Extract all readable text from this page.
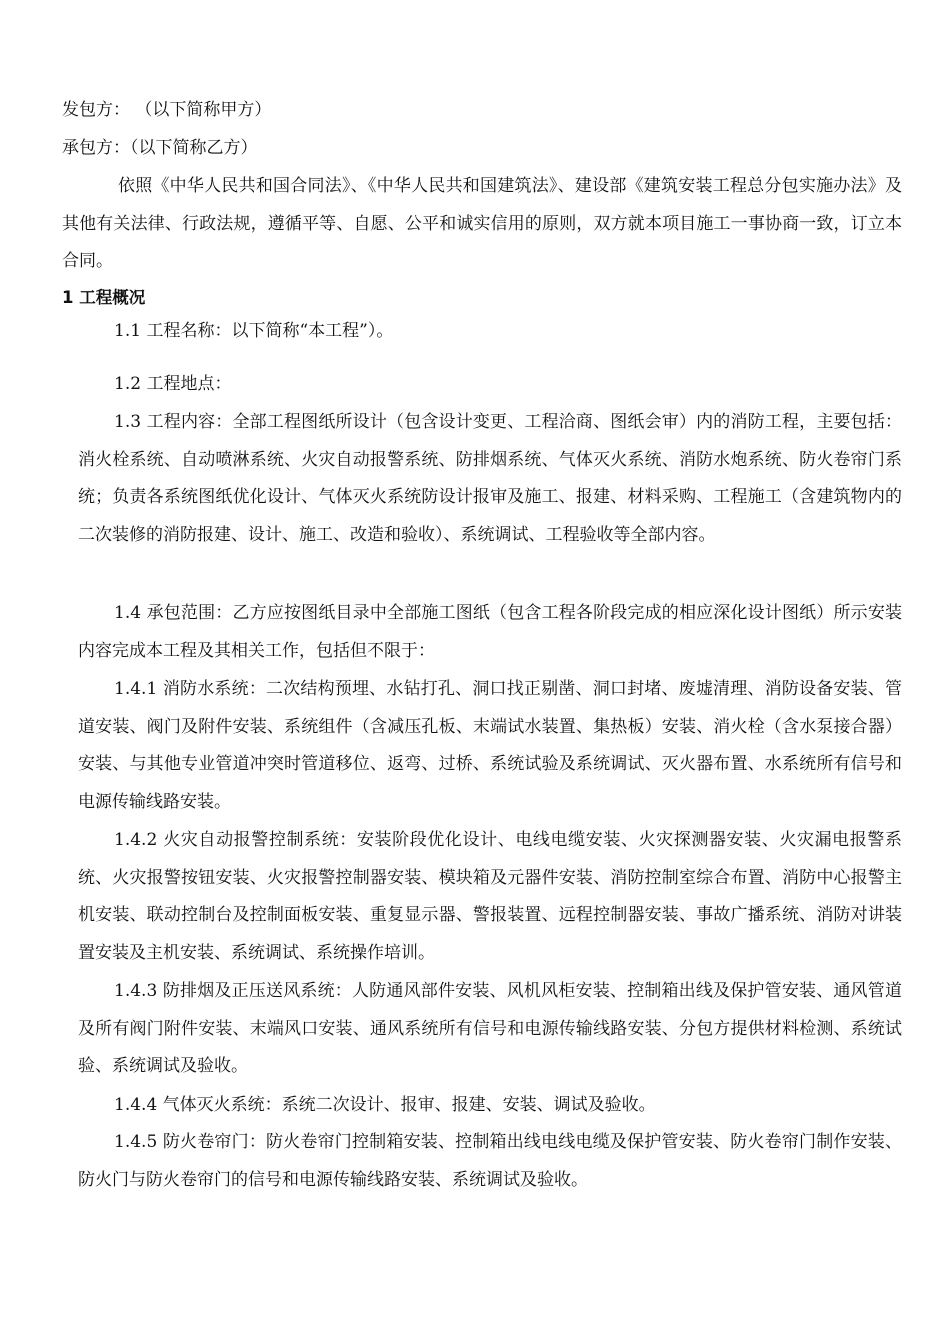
发包方： （以下简称甲方）
承包方：（以下简称乙方）
依照《中华人民共和国合同法》、《中华人民共和国建筑法》、建设部《建筑安装工程总分包实施办法》及其他有关法律、行政法规，遵循平等、自愿、公平和诚实信用的原则，双方就本项目施工一事协商一致，订立本合同。
1 工程概况
1.1 工程名称：以下简称“本工程”）。
1.2 工程地点：
1.3 工程内容：全部工程图纸所设计（包含设计变更、工程洽商、图纸会审）内的消防工程，主要包括：消火栓系统、自动喷淋系统、火灾自动报警系统、防排烟系统、气体灭火系统、消防水炮系统、防火卷帘门系统；负责各系统图纸优化设计、气体灭火系统防设计报审及施工、报建、材料采购、工程施工（含建筑物内的二次装修的消防报建、设计、施工、改造和验收）、系统调试、工程验收等全部内容。
1.4 承包范围：乙方应按图纸目录中全部施工图纸（包含工程各阶段完成的相应深化设计图纸）所示安装内容完成本工程及其相关工作，包括但不限于：
1.4.1 消防水系统：二次结构预埋、水钻打孔、洞口找正剔凿、洞口封堵、废墟清理、消防设备安装、管道安装、阀门及附件安装、系统组件（含减压孔板、末端试水装置、集热板）安装、消火栓（含水泵接合器）安装、与其他专业管道冲突时管道移位、返弯、过桥、系统试验及系统调试、灭火器布置、水系统所有信号和电源传输线路安装。
1.4.2 火灾自动报警控制系统：安装阶段优化设计、电线电缆安装、火灾探测器安装、火灾漏电报警系统、火灾报警按钮安装、火灾报警控制器安装、模块箱及元器件安装、消防控制室综合布置、消防中心报警主机安装、联动控制台及控制面板安装、重复显示器、警报装置、远程控制器安装、事故广播系统、消防对讲装置安装及主机安装、系统调试、系统操作培训。
1.4.3 防排烟及正压送风系统：人防通风部件安装、风机风柜安装、控制箱出线及保护管安装、通风管道及所有阀门附件安装、末端风口安装、通风系统所有信号和电源传输线路安装、分包方提供材料检测、系统试验、系统调试及验收。
1.4.4 气体灭火系统：系统二次设计、报审、报建、安装、调试及验收。
1.4.5 防火卷帘门：防火卷帘门控制箱安装、控制箱出线电线电缆及保护管安装、防火卷帘门制作安装、防火门与防火卷帘门的信号和电源传输线路安装、系统调试及验收。
